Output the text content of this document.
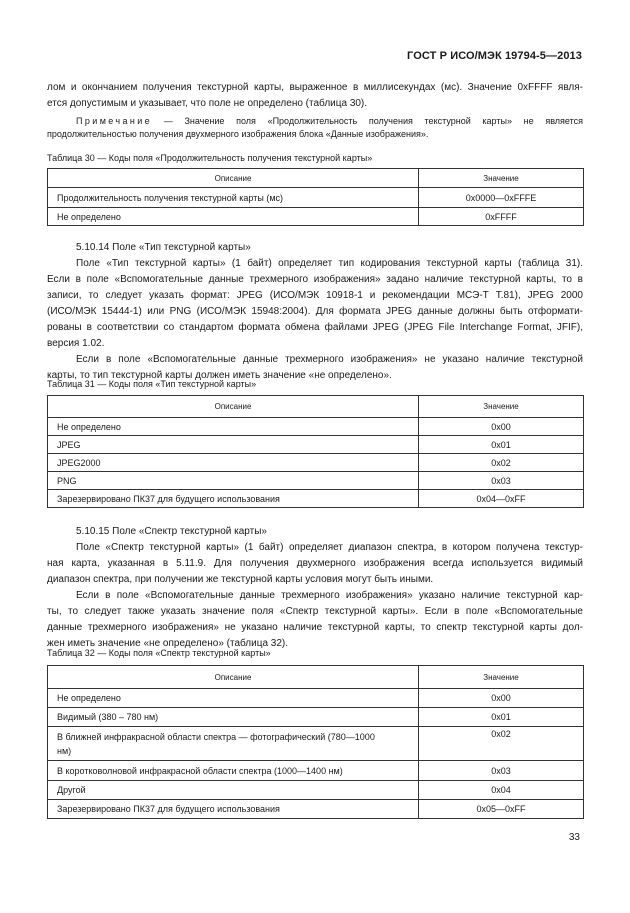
ГОСТ Р ИСО/МЭК 19794-5—2013
лом и окончанием получения текстурной карты, выраженное в миллисекундах (мс). Значение 0xFFFF явля-
ется допустимым и указывает, что поле не определено (таблица 30).
Примечание — Значение поля «Продолжительность получения текстурной карты» не является
продолжительностью получения двухмерного изображения блока «Данные изображения».
Таблица 30 — Коды поля «Продолжительность получения текстурной карты»
Описание	Значение
Продолжительность получения текстурной карты (мс)	0x0000—0xFFFE
Не определено	0xFFFF
5.10.14 Поле «Тип текстурной карты»
Поле «Тип текстурной карты» (1 байт) определяет тип кодирования текстурной карты (таблица 31).
Если в поле «Вспомогательные данные трехмерного изображения» задано наличие текстурной карты, то в
записи, то следует указать формат: JPEG (ИСО/МЭК 10918-1 и рекомендации МСЭ-Т Т.81), JPEG 2000
(ИСО/МЭК 15444-1) или PNG (ИСО/МЭК 15948:2004). Для формата JPEG данные должны быть отформати-
рованы в соответствии со стандартом формата обмена файлами JPEG (JPEG File Interchange Format, JFIF),
версия 1.02.
Если в поле «Вспомогательные данные трехмерного изображения» не указано наличие текстурной
карты, то тип текстурной карты должен иметь значение «не определено».
Таблица 31 — Коды поля «Тип текстурной карты»
Описание	Значение
Не определено	0x00
JPEG	0x01
JPEG2000	0x02
PNG	0x03
Зарезервировано ПК37 для будущего использования	0x04—0xFF
5.10.15 Поле «Спектр текстурной карты»
Поле «Спектр текстурной карты» (1 байт) определяет диапазон спектра, в котором получена текстур-
ная карта, указанная в 5.11.9. Для получения двухмерного изображения всегда используется видимый
диапазон спектра, при получении же текстурной карты условия могут быть иными.
Если в поле «Вспомогательные данные трехмерного изображения» указано наличие текстурной кар-
ты, то следует также указать значение поля «Спектр текстурной карты». Если в поле «Вспомогательные
данные трехмерного изображения» не указано наличие текстурной карты, то спектр текстурной карты дол-
жен иметь значение «не определено» (таблица 32).
Таблица 32 — Коды поля «Спектр текстурной карты»
Описание	Значение
Не определено	0x00
Видимый (380 – 780 нм)	0x01
В ближней инфракрасной области спектра — фотографический (780—1000 нм)	0x02
В коротковолновой инфракрасной области спектра (1000—1400 нм)	0x03
Другой	0x04
Зарезервировано ПК37 для будущего использования	0x05—0xFF
33
